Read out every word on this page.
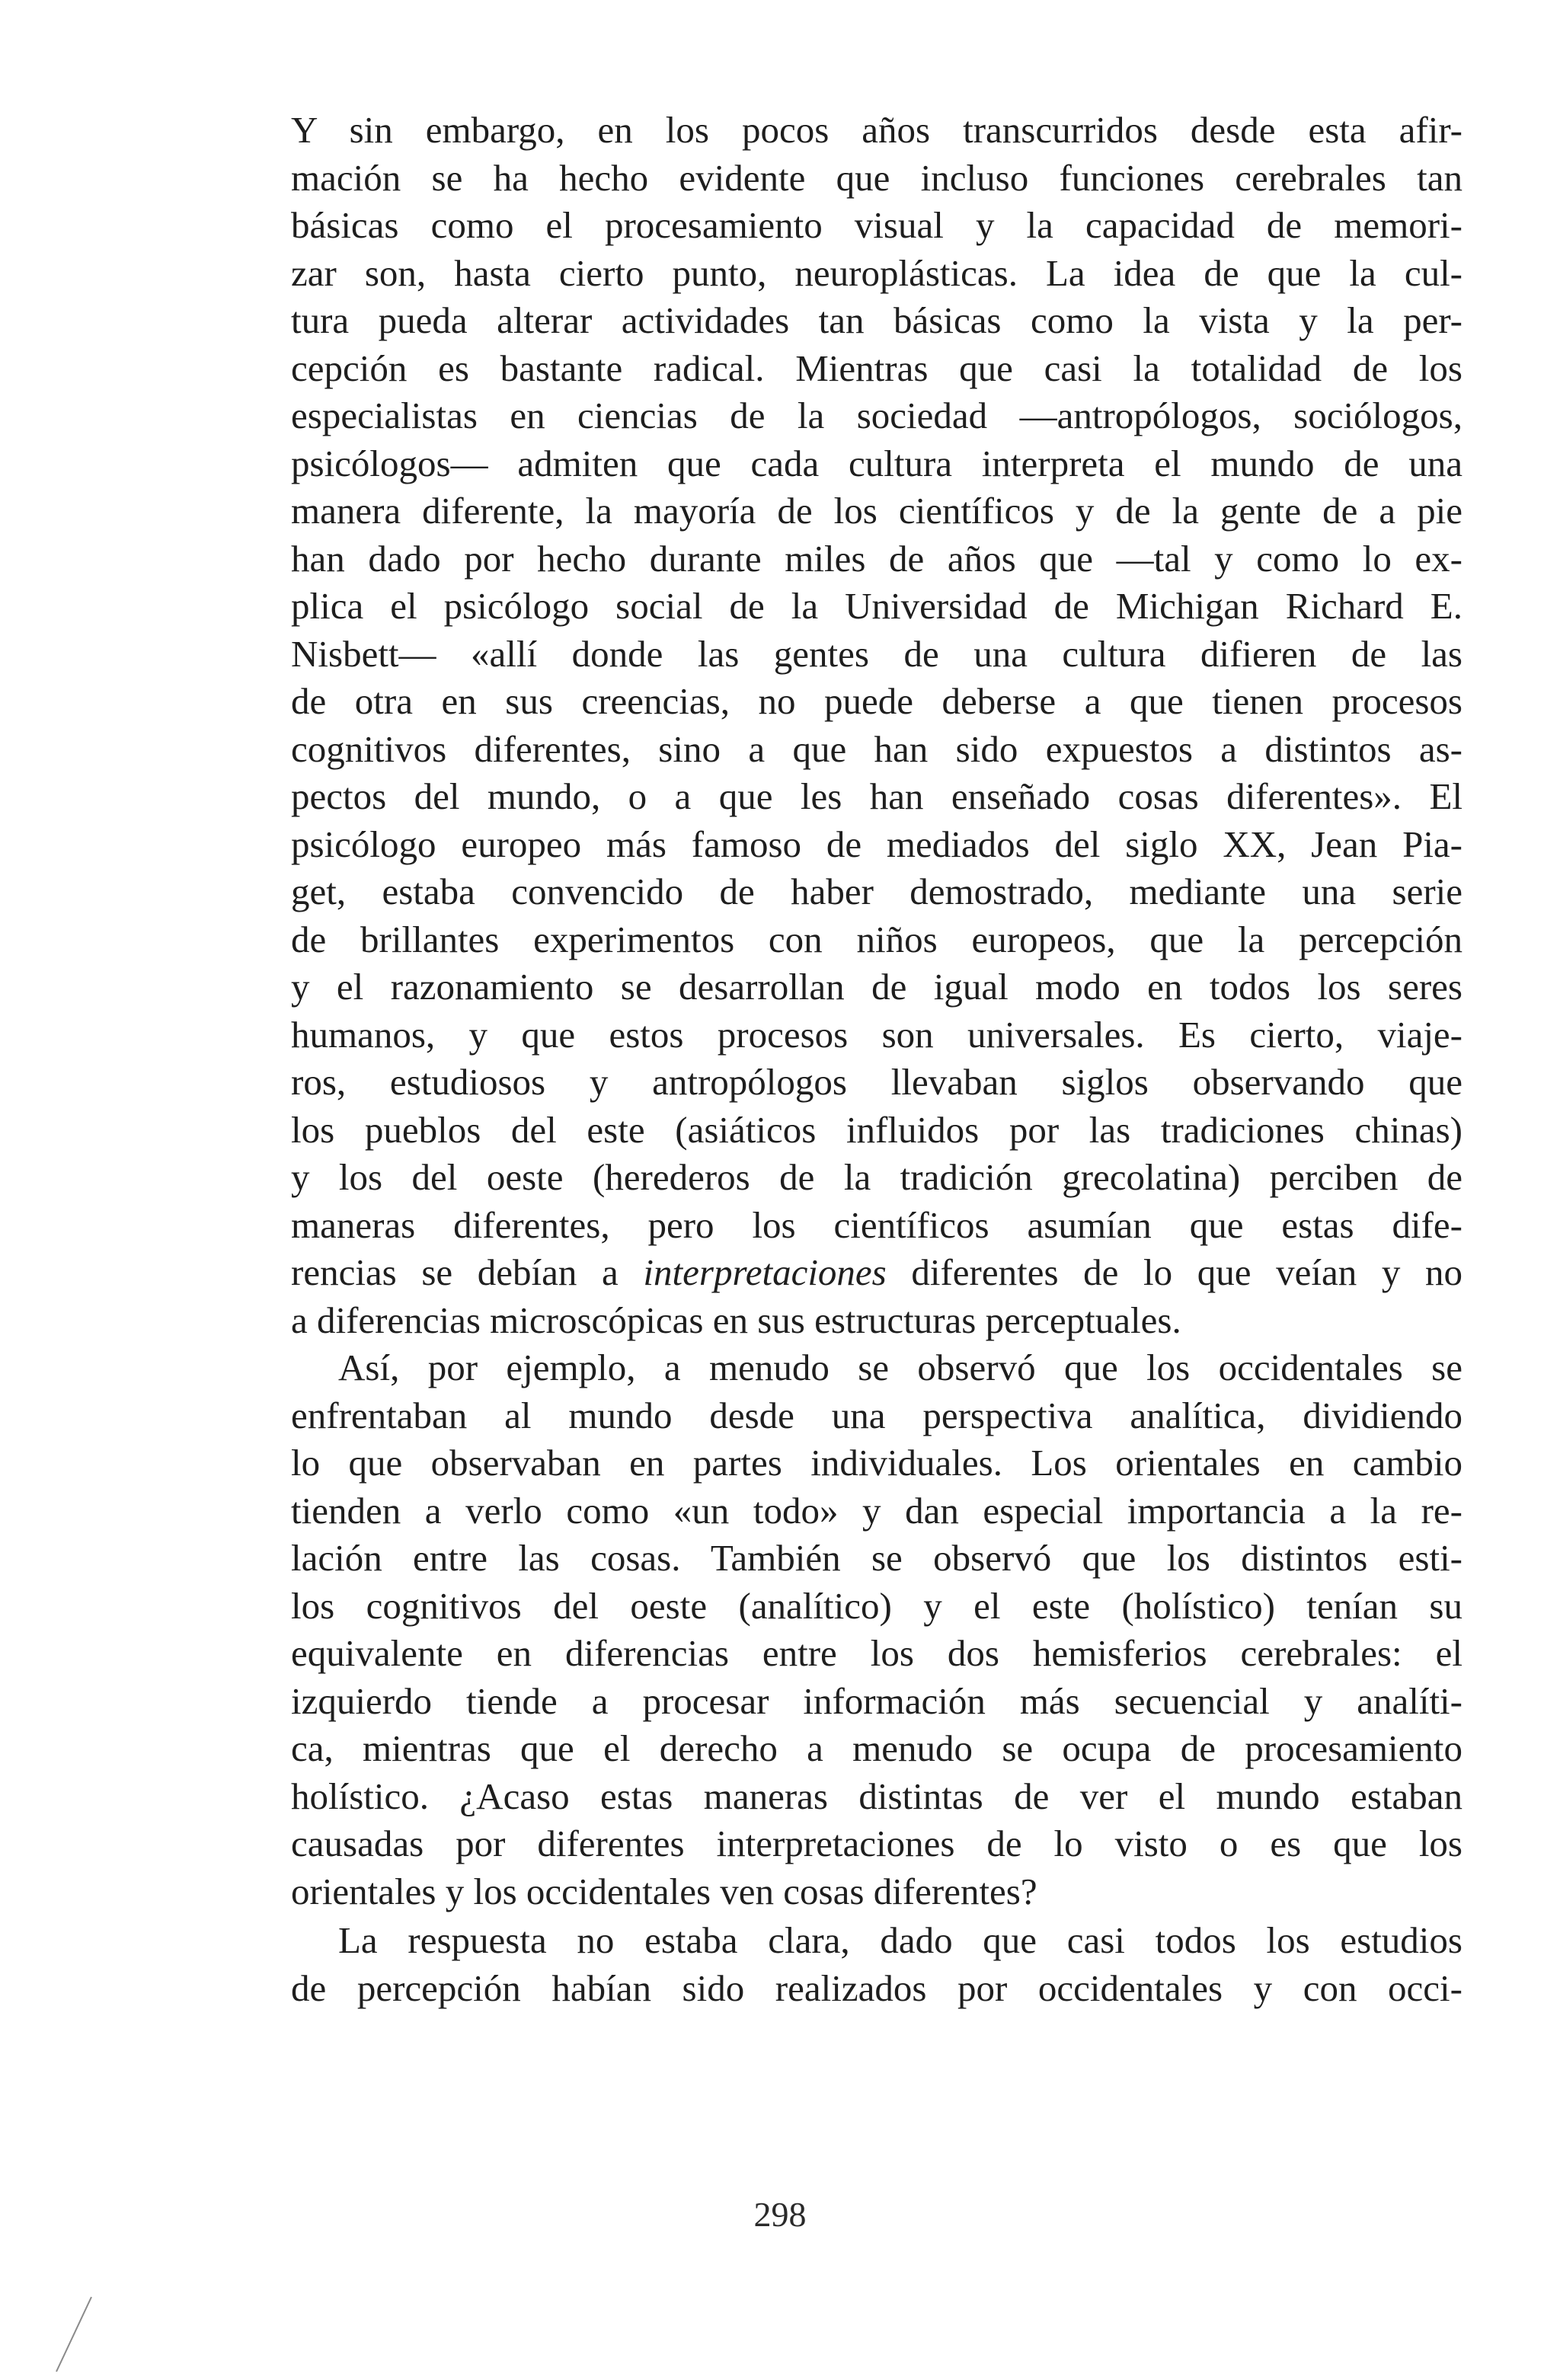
Y sin embargo, en los pocos años transcurridos desde esta afir-
mación se ha hecho evidente que incluso funciones cerebrales tan
básicas como el procesamiento visual y la capacidad de memori-
zar son, hasta cierto punto, neuroplásticas. La idea de que la cul-
tura pueda alterar actividades tan básicas como la vista y la per-
cepción es bastante radical. Mientras que casi la totalidad de los
especialistas en ciencias de la sociedad —antropólogos, sociólogos,
psicólogos— admiten que cada cultura interpreta el mundo de una
manera diferente, la mayoría de los científicos y de la gente de a pie
han dado por hecho durante miles de años que —tal y como lo ex-
plica el psicólogo social de la Universidad de Michigan Richard E.
Nisbett— «allí donde las gentes de una cultura difieren de las
de otra en sus creencias, no puede deberse a que tienen procesos
cognitivos diferentes, sino a que han sido expuestos a distintos as-
pectos del mundo, o a que les han enseñado cosas diferentes». El
psicólogo europeo más famoso de mediados del siglo XX, Jean Pia-
get, estaba convencido de haber demostrado, mediante una serie
de brillantes experimentos con niños europeos, que la percepción
y el razonamiento se desarrollan de igual modo en todos los seres
humanos, y que estos procesos son universales. Es cierto, viaje-
ros, estudiosos y antropólogos llevaban siglos observando que
los pueblos del este (asiáticos influidos por las tradiciones chinas)
y los del oeste (herederos de la tradición grecolatina) perciben de
maneras diferentes, pero los científicos asumían que estas dife-
rencias se debían a interpretaciones diferentes de lo que veían y no
a diferencias microscópicas en sus estructuras perceptuales.
Así, por ejemplo, a menudo se observó que los occidentales se
enfrentaban al mundo desde una perspectiva analítica, dividiendo
lo que observaban en partes individuales. Los orientales en cambio
tienden a verlo como «un todo» y dan especial importancia a la re-
lación entre las cosas. También se observó que los distintos esti-
los cognitivos del oeste (analítico) y el este (holístico) tenían su
equivalente en diferencias entre los dos hemisferios cerebrales: el
izquierdo tiende a procesar información más secuencial y analíti-
ca, mientras que el derecho a menudo se ocupa de procesamiento
holístico. ¿Acaso estas maneras distintas de ver el mundo estaban
causadas por diferentes interpretaciones de lo visto o es que los
orientales y los occidentales ven cosas diferentes?
La respuesta no estaba clara, dado que casi todos los estudios
de percepción habían sido realizados por occidentales y con occi-
298
